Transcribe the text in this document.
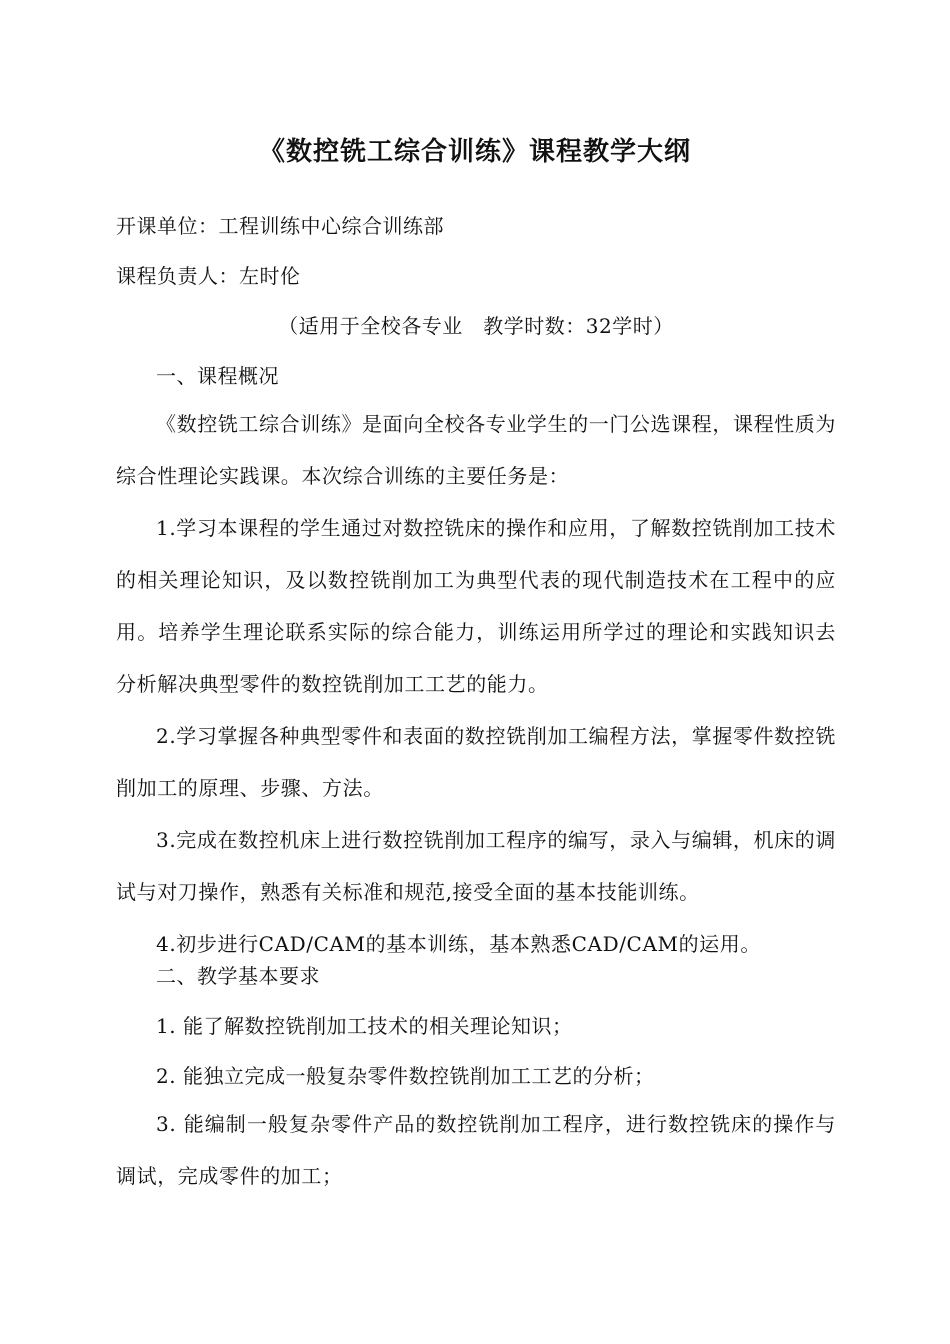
《数控铣工综合训练》课程教学大纲
开课单位：工程训练中心综合训练部
课程负责人：左时伦
（适用于全校各专业　教学时数：32学时）
一、课程概况
《数控铣工综合训练》是面向全校各专业学生的一门公选课程，课程性质为综合性理论实践课。本次综合训练的主要任务是：
1.学习本课程的学生通过对数控铣床的操作和应用，了解数控铣削加工技术的相关理论知识，及以数控铣削加工为典型代表的现代制造技术在工程中的应用。培养学生理论联系实际的综合能力，训练运用所学过的理论和实践知识去分析解决典型零件的数控铣削加工工艺的能力。
2.学习掌握各种典型零件和表面的数控铣削加工编程方法，掌握零件数控铣削加工的原理、步骤、方法。
3.完成在数控机床上进行数控铣削加工程序的编写，录入与编辑，机床的调试与对刀操作，熟悉有关标准和规范,接受全面的基本技能训练。
4.初步进行CAD/CAM的基本训练，基本熟悉CAD/CAM的运用。
二、教学基本要求
1. 能了解数控铣削加工技术的相关理论知识；
2. 能独立完成一般复杂零件数控铣削加工工艺的分析；
3. 能编制一般复杂零件产品的数控铣削加工程序，进行数控铣床的操作与调试，完成零件的加工；
